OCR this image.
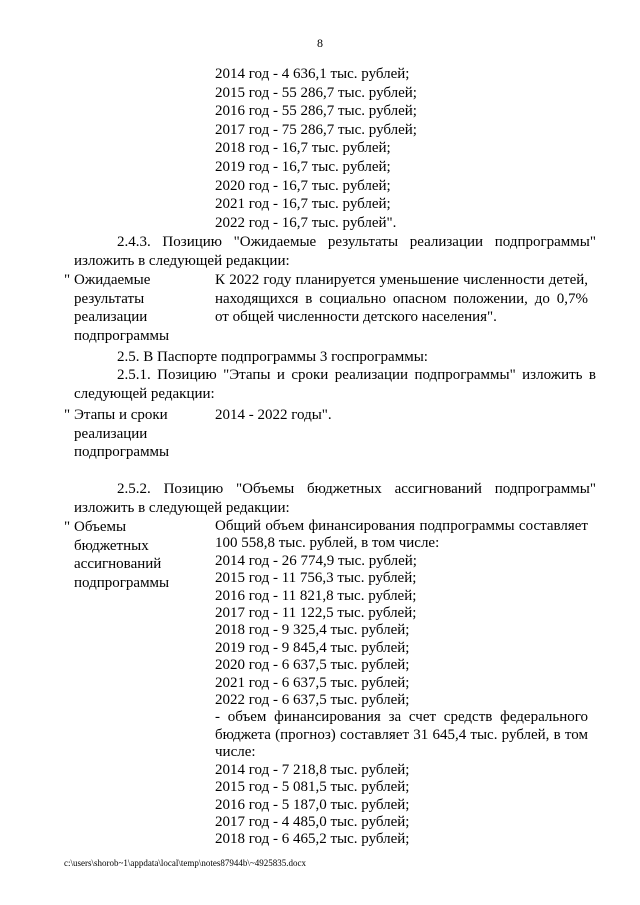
8
2014 год - 4 636,1 тыс. рублей;
2015 год - 55 286,7 тыс. рублей;
2016 год - 55 286,7 тыс. рублей;
2017 год - 75 286,7 тыс. рублей;
2018 год - 16,7 тыс. рублей;
2019 год - 16,7 тыс. рублей;
2020 год - 16,7 тыс. рублей;
2021 год - 16,7 тыс. рублей;
2022 год - 16,7 тыс. рублей".
2.4.3. Позицию "Ожидаемые результаты реализации подпрограммы"
изложить в следующей редакции:
" Ожидаемые
результаты
реализации
подпрограммы
К 2022 году планируется уменьшение численности детей,
находящихся в социально опасном положении, до 0,7%
от общей численности детского населения".
2.5. В Паспорте подпрограммы 3 госпрограммы:
2.5.1. Позицию "Этапы и сроки реализации подпрограммы" изложить в
следующей редакции:
" Этапы и сроки
реализации
подпрограммы
2014 - 2022 годы".
2.5.2. Позицию "Объемы бюджетных ассигнований подпрограммы"
изложить в следующей редакции:
" Объемы
бюджетных
ассигнований
подпрограммы
Общий объем финансирования подпрограммы составляет
100 558,8 тыс. рублей, в том числе:
2014 год - 26 774,9 тыс. рублей;
2015 год - 11 756,3 тыс. рублей;
2016 год - 11 821,8 тыс. рублей;
2017 год - 11 122,5 тыс. рублей;
2018 год - 9 325,4 тыс. рублей;
2019 год - 9 845,4 тыс. рублей;
2020 год - 6 637,5 тыс. рублей;
2021 год - 6 637,5 тыс. рублей;
2022 год - 6 637,5 тыс. рублей;
- объем финансирования за счет средств федерального
бюджета (прогноз) составляет 31 645,4 тыс. рублей, в том
числе:
2014 год - 7 218,8 тыс. рублей;
2015 год - 5 081,5 тыс. рублей;
2016 год - 5 187,0 тыс. рублей;
2017 год - 4 485,0 тыс. рублей;
2018 год - 6 465,2 тыс. рублей;
c:\users\shorob~1\appdata\local\temp\notes87944b\~4925835.docx
